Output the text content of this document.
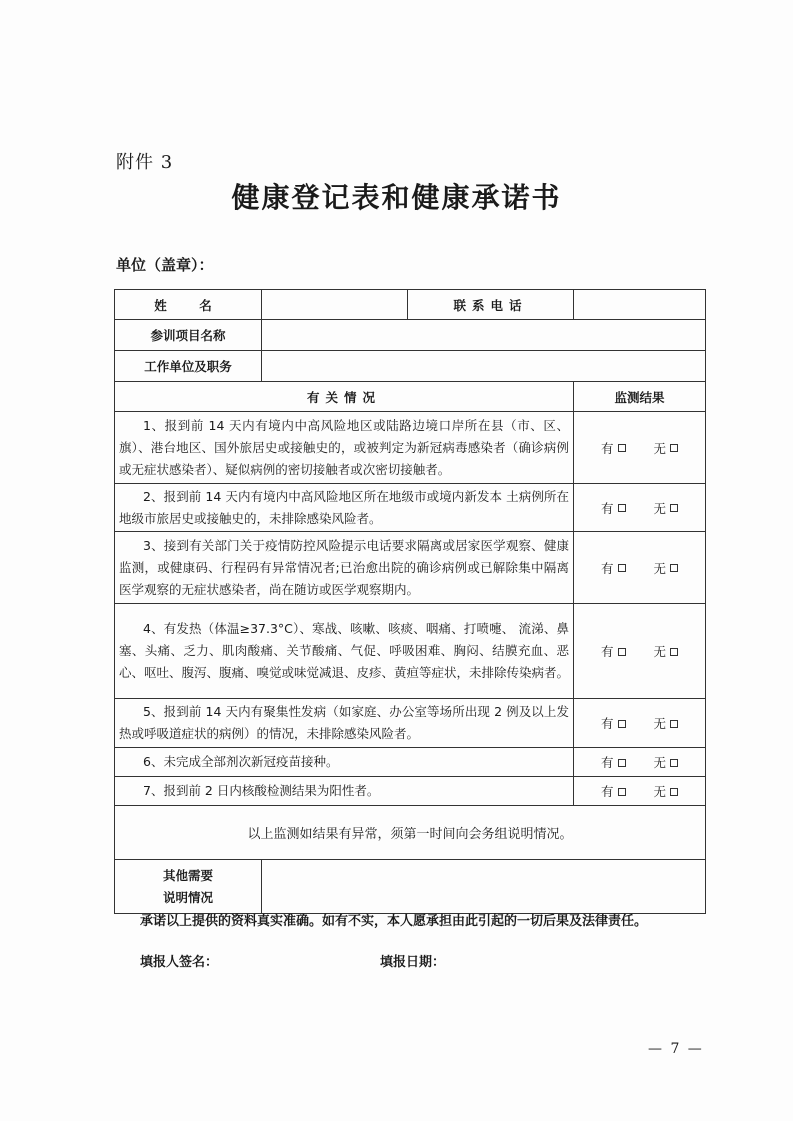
附件 3
健康登记表和健康承诺书
单位（盖章）：
姓　名		联系电话	
参训项目名称			
工作单位及职务			
有关情况			监测结果
1、报到前 14 天内有境内中高风险地区或陆路边境口岸所在县（市、区、旗）、港台地区、国外旅居史或接触史的，或被判定为新冠病毒感染者（确诊病例或无症状感染者）、疑似病例的密切接触者或次密切接触者。			有 无
2、报到前 14 天内有境内中高风险地区所在地级市或境内新发本 土病例所在地级市旅居史或接触史的，未排除感染风险者。			有 无
3、接到有关部门关于疫情防控风险提示电话要求隔离或居家医学观察、健康监测，或健康码、行程码有异常情况者;已治愈出院的确诊病例或已解除集中隔离医学观察的无症状感染者，尚在随访或医学观察期内。			有 无
4、有发热（体温≥37.3°C）、寒战、咳嗽、咳痰、咽痛、打喷嚏、 流涕、鼻塞、头痛、乏力、肌肉酸痛、关节酸痛、气促、呼吸困难、胸闷、结膜充血、恶心、呕吐、腹泻、腹痛、嗅觉或味觉减退、皮疹、黄疸等症状，未排除传染病者。			有 无
5、报到前 14 天内有聚集性发病（如家庭、办公室等场所出现 2 例及以上发热或呼吸道症状的病例）的情况，未排除感染风险者。			有 无
6、未完成全部剂次新冠疫苗接种。			有 无
7、报到前 2 日内核酸检测结果为阳性者。			有 无
以上监测如结果有异常，须第一时间向会务组说明情况。			

其他需要
说明情况			

承诺以上提供的资料真实准确。如有不实，本人愿承担由此引起的一切后果及法律责任。
填报人签名：	填报日期：
— 7 —
